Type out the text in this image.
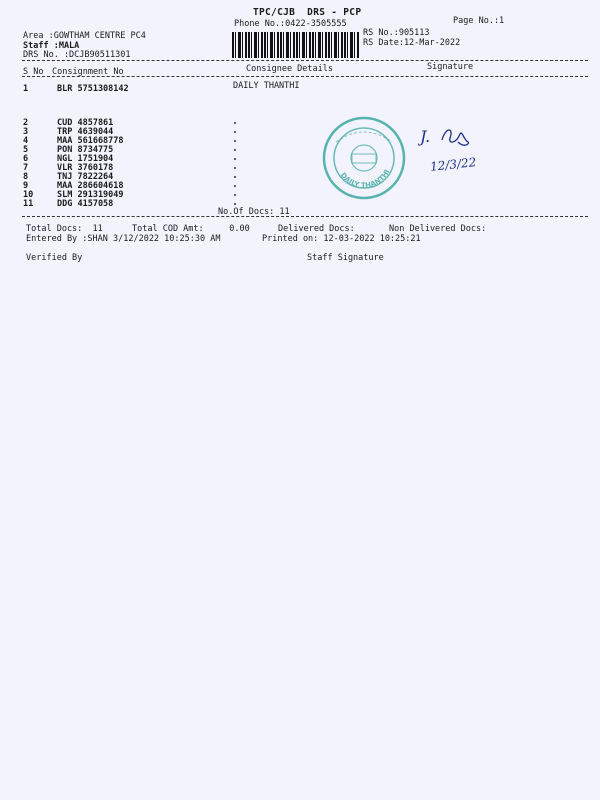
TPC/CJB  DRS - PCP
Phone No.:0422-3505555	Page No.:1
RS No.:905113
RS Date:12-Mar-2022
Area :GOWTHAM CENTRE PC4
Staff :MALA
DRS No. :DCJB90511301
S No Consignment No	Consignee Details	Signature
1	BLR 5751308142	DAILY THANTHI
2	CUD 4857861
3	TRP 4639044
4	MAA 561668778
5	PON 8734775
6	NGL 1751904
7	VLR 3760178
8	TNJ 7822264
9	MAA 286604618
10	SLM 291319049
11	DDG 4157058
DAILY THANTHI
J.
12/3/22
No.Of Docs: 11
Total Docs:  11	Total COD Amt:     0.00	Delivered Docs:	Non Delivered Docs:
Entered By :SHAN 3/12/2022 10:25:30 AM	Printed on: 12-03-2022 10:25:21
Verified By	Staff Signature
